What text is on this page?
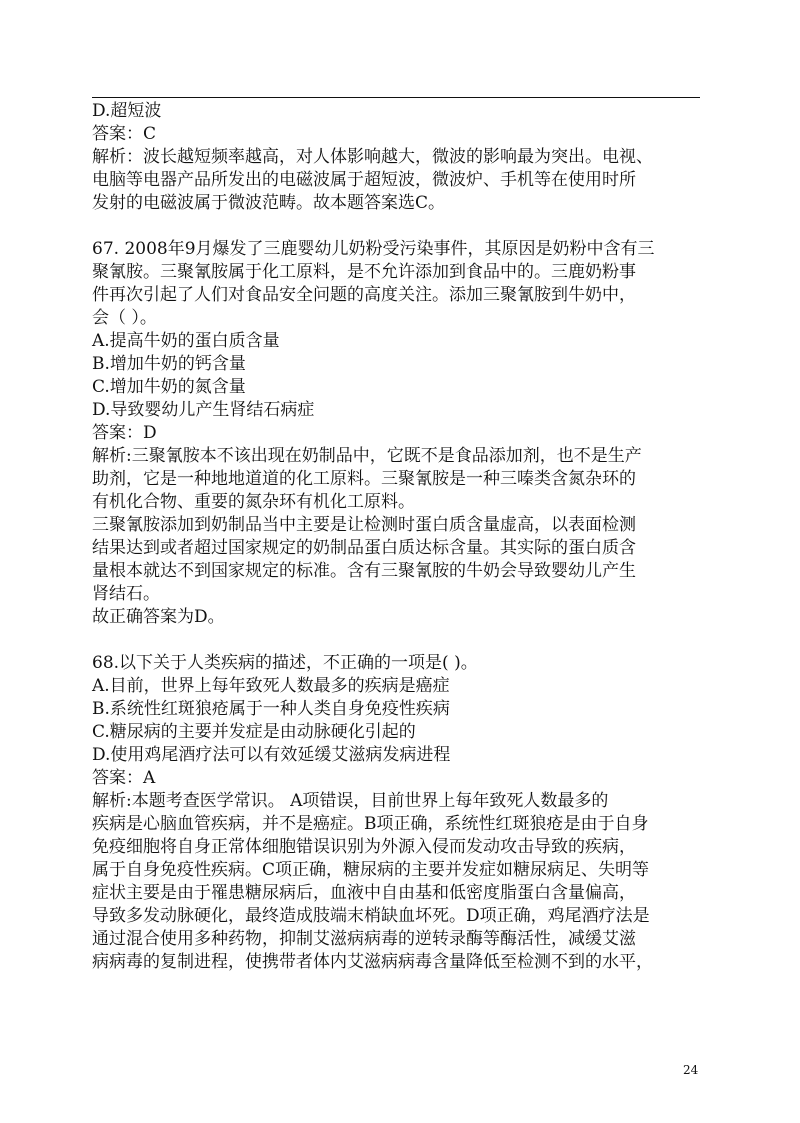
D.超短波
答案：C
解析：波长越短频率越高，对人体影响越大，微波的影响最为突出。电视、
电脑等电器产品所发出的电磁波属于超短波，微波炉、手机等在使用时所
发射的电磁波属于微波范畴。故本题答案选C。
67. 2008年9月爆发了三鹿婴幼儿奶粉受污染事件，其原因是奶粉中含有三
聚氰胺。三聚氰胺属于化工原料，是不允许添加到食品中的。三鹿奶粉事
件再次引起了人们对食品安全问题的高度关注。添加三聚氰胺到牛奶中，
会（ ）。
A.提高牛奶的蛋白质含量
B.增加牛奶的钙含量
C.增加牛奶的氮含量
D.导致婴幼儿产生肾结石病症
答案：D
解析:三聚氰胺本不该出现在奶制品中，它既不是食品添加剂，也不是生产
助剂，它是一种地地道道的化工原料。三聚氰胺是一种三嗪类含氮杂环的
有机化合物、重要的氮杂环有机化工原料。
三聚氰胺添加到奶制品当中主要是让检测时蛋白质含量虚高，以表面检测
结果达到或者超过国家规定的奶制品蛋白质达标含量。其实际的蛋白质含
量根本就达不到国家规定的标准。含有三聚氰胺的牛奶会导致婴幼儿产生
肾结石。
故正确答案为D。
68.以下关于人类疾病的描述，不正确的一项是( )。
A.目前，世界上每年致死人数最多的疾病是癌症
B.系统性红斑狼疮属于一种人类自身免疫性疾病
C.糖尿病的主要并发症是由动脉硬化引起的
D.使用鸡尾酒疗法可以有效延缓艾滋病发病进程
答案：A
解析:本题考查医学常识。 A项错误，目前世界上每年致死人数最多的
疾病是心脑血管疾病，并不是癌症。B项正确，系统性红斑狼疮是由于自身
免疫细胞将自身正常体细胞错误识别为外源入侵而发动攻击导致的疾病，
属于自身免疫性疾病。C项正确，糖尿病的主要并发症如糖尿病足、失明等
症状主要是由于罹患糖尿病后，血液中自由基和低密度脂蛋白含量偏高，
导致多发动脉硬化，最终造成肢端末梢缺血坏死。D项正确，鸡尾酒疗法是
通过混合使用多种药物，抑制艾滋病病毒的逆转录酶等酶活性，减缓艾滋
病病毒的复制进程，使携带者体内艾滋病病毒含量降低至检测不到的水平，
24
